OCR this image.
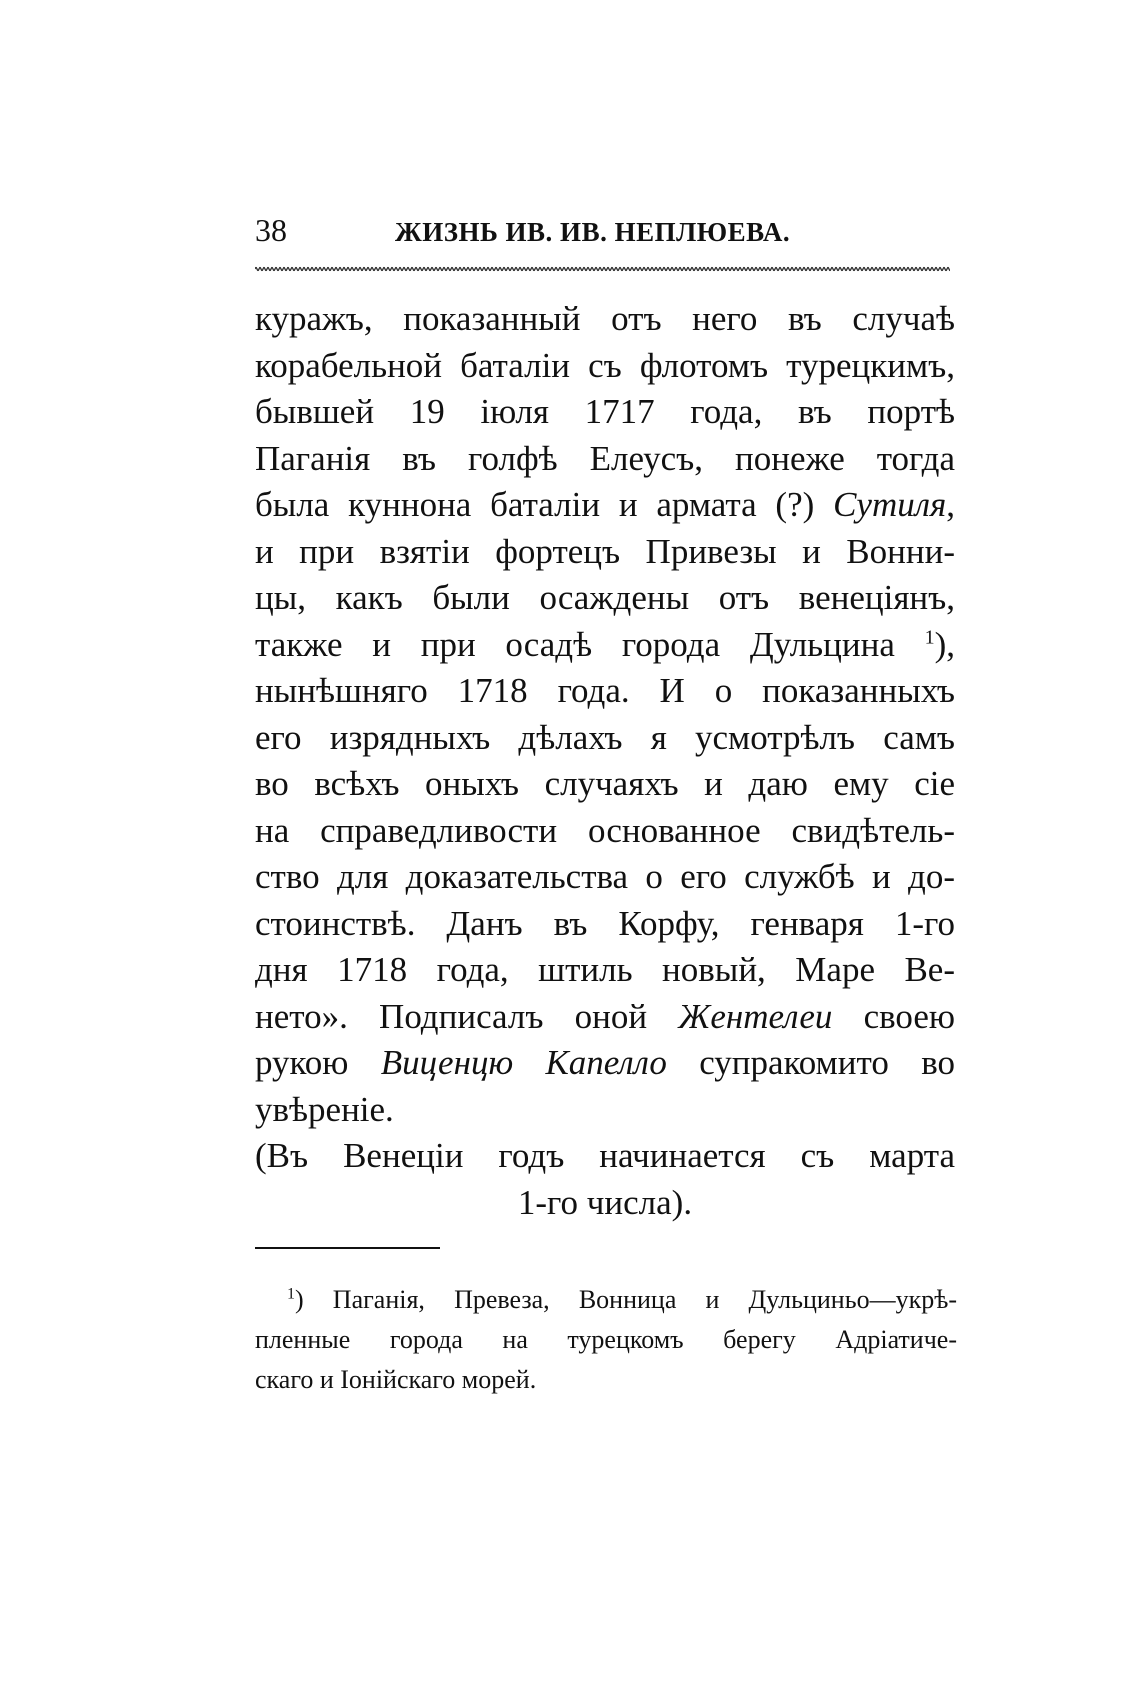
38	ЖИЗНЬ ИВ. ИВ. НЕПЛЮЕВА.
куражъ, показанный отъ него въ случаѣ
корабельной баталіи съ флотомъ турецкимъ,
бывшей 19 іюля 1717 года, въ портѣ
Паганія въ голфѣ Елеусъ, понеже тогда
была куннона баталіи и армата (?) Сутиля,
и при взятіи фортецъ Привезы и Вонни-
цы, какъ были осаждены отъ венеціянъ,
также и при осадѣ города Дульцина $^1$),
нынѣшняго 1718 года. И о показанныхъ
его изрядныхъ дѣлахъ я усмотрѣлъ самъ
во всѣхъ оныхъ случаяхъ и даю ему сіе
на справедливости основанное свидѣтель-
ство для доказательства о его службѣ и до-
стоинствѣ. Данъ въ Корфу, генваря 1-го
дня 1718 года, штиль новый, Маре Ве-
нето». Подписалъ оной Жентелеи своею
рукою Виценцю Капелло супракомито во
увѣреніе.
(Въ Венеціи годъ начинается съ марта
1-го числа).
$^1$) Паганія, Превеза, Вонница и Дульциньо—укрѣ-
пленные города на турецкомъ берегу Адріатиче-
скаго и Іонійскаго морей.
